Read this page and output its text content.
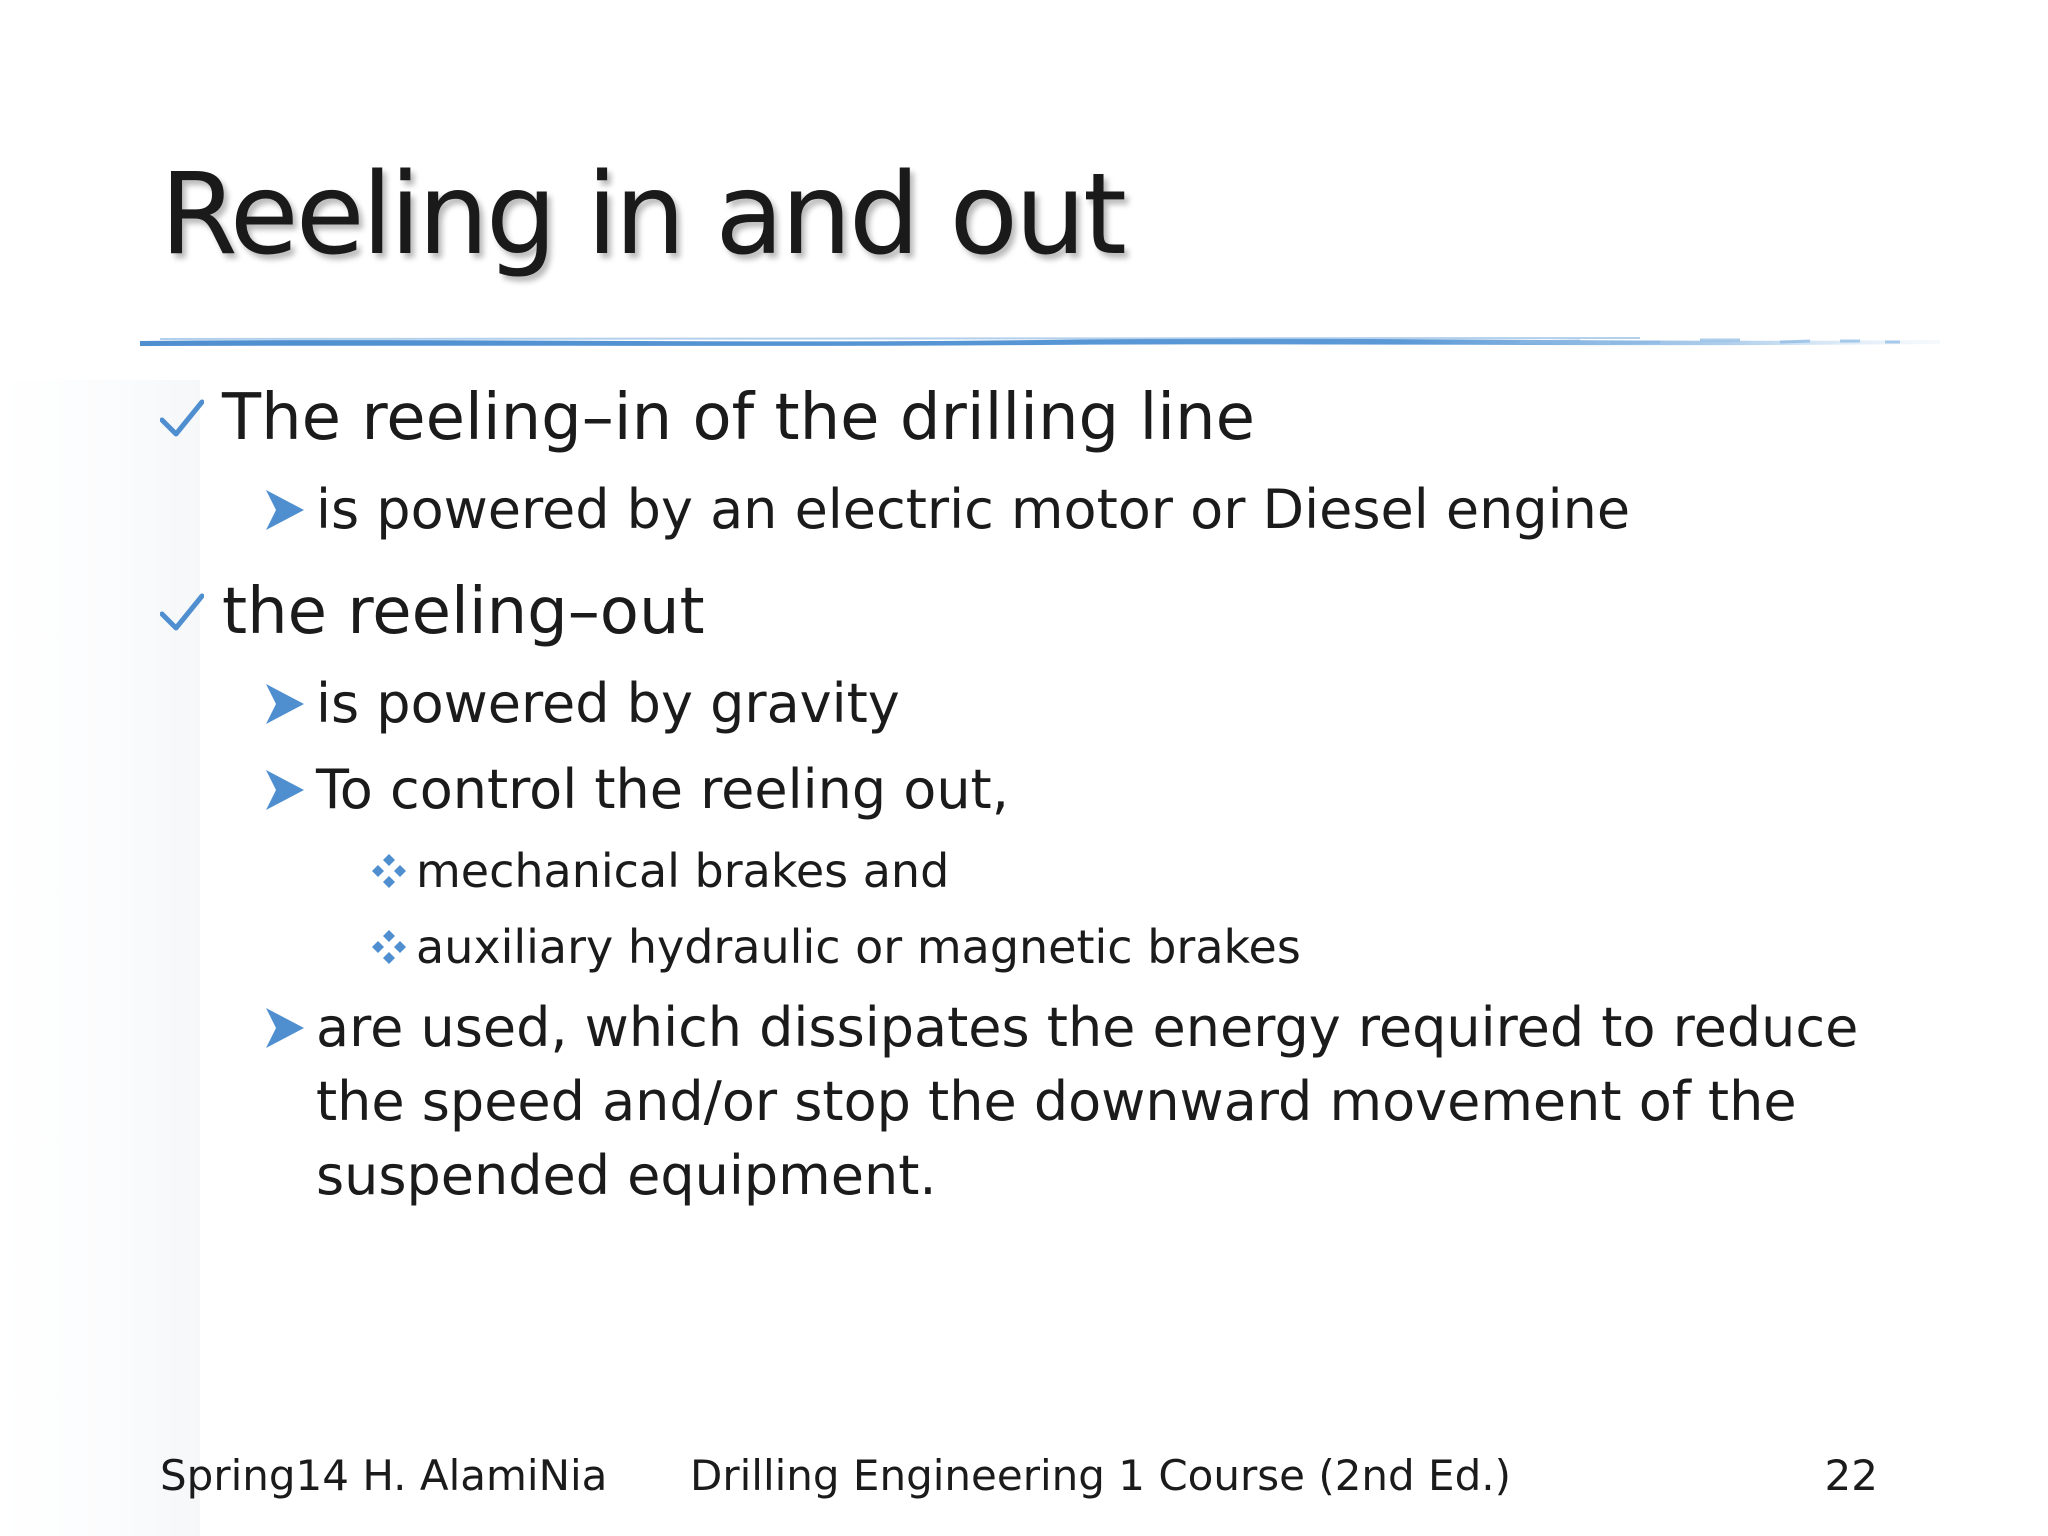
Reeling in and out
The reeling–in of the drilling line
is powered by an electric motor or Diesel engine
the reeling–out
is powered by gravity
To control the reeling out,
mechanical brakes and
auxiliary hydraulic or magnetic brakes
are used, which dissipates the energy required to reduce the speed and/or stop the downward movement of the suspended equipment.
Spring14 H. AlamiNia Drilling Engineering 1 Course (2nd Ed.)	22
